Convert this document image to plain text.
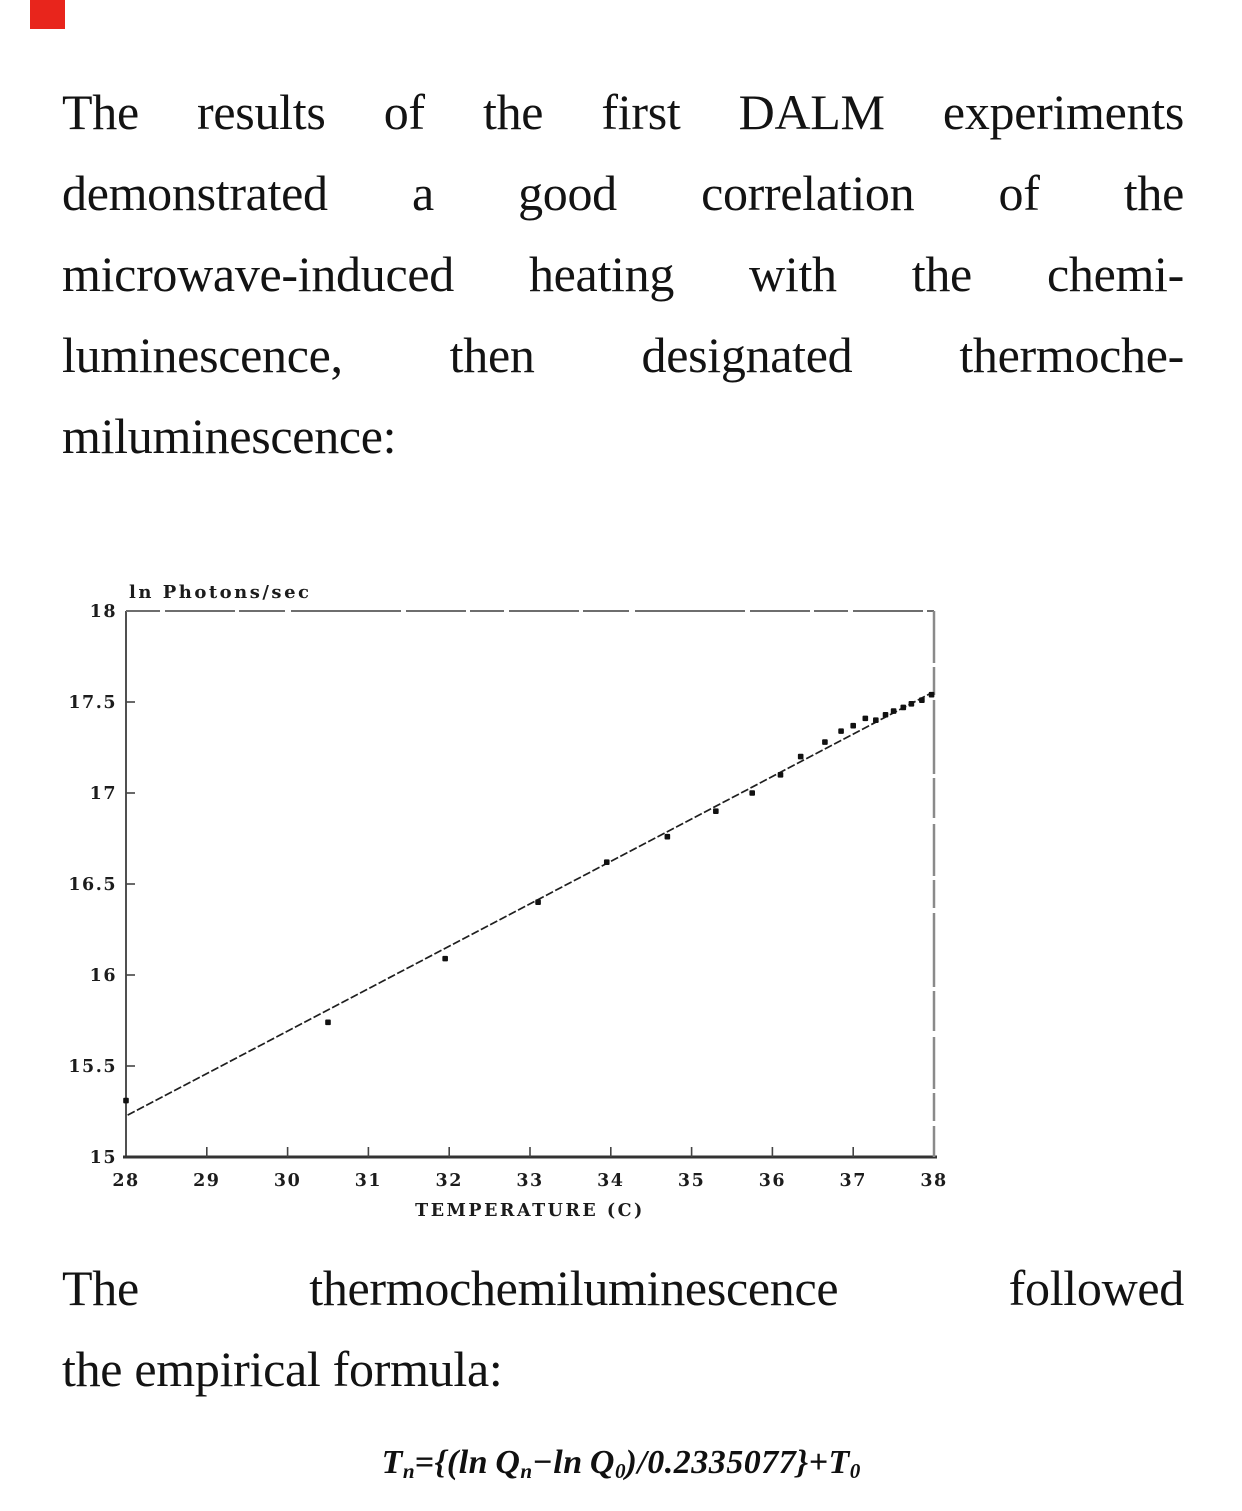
The results of the first DALM experiments
demonstrated a good correlation of the
microwave-induced heating with the chemi-
luminescence, then designated thermoche-
miluminescence:
15
15.5
16
16.5
17
17.5
18
28	29	30	31	32	33	34	35	36	37	38
ln Photons/sec
TEMPERATURE (C)
The thermochemiluminescence followed
the empirical formula:
Tn={(ln Qn−ln Q0)/0.2335077}+T0
